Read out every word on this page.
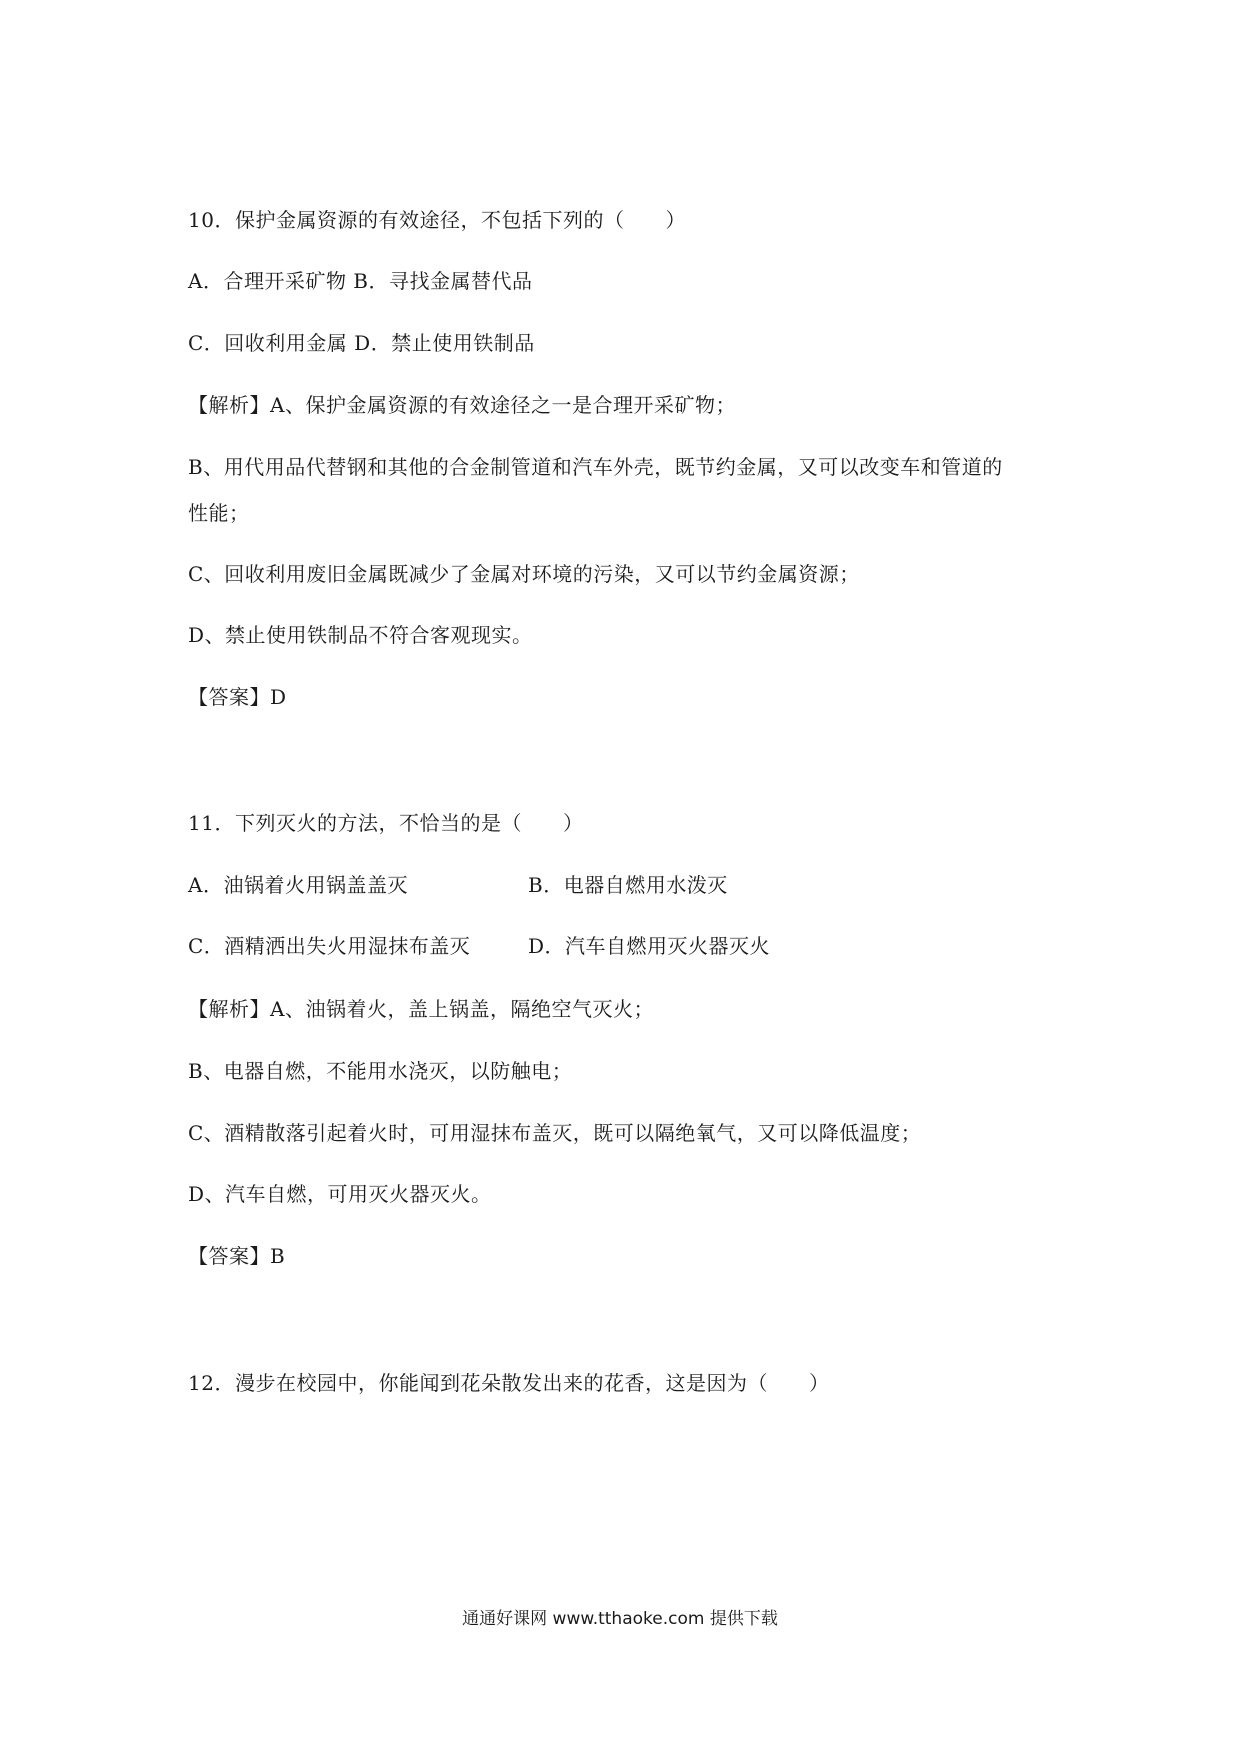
10．保护金属资源的有效途径，不包括下列的（　　）
A．合理开采矿物 B．寻找金属替代品
C．回收利用金属 D．禁止使用铁制品
【解析】A、保护金属资源的有效途径之一是合理开采矿物；
B、用代用品代替钢和其他的合金制管道和汽车外壳，既节约金属，又可以改变车和管道的
性能；
C、回收利用废旧金属既减少了金属对环境的污染，又可以节约金属资源；
D、禁止使用铁制品不符合客观现实。
【答案】D
11．下列灭火的方法，不恰当的是（　　）
A．油锅着火用锅盖盖灭	B．电器自燃用水泼灭
C．酒精洒出失火用湿抹布盖灭	D．汽车自燃用灭火器灭火
【解析】A、油锅着火，盖上锅盖，隔绝空气灭火；
B、电器自燃，不能用水浇灭，以防触电；
C、酒精散落引起着火时，可用湿抹布盖灭，既可以隔绝氧气，又可以降低温度；
D、汽车自燃，可用灭火器灭火。
【答案】B
12．漫步在校园中，你能闻到花朵散发出来的花香，这是因为（　　）
通通好课网 www.tthaoke.com 提供下载
